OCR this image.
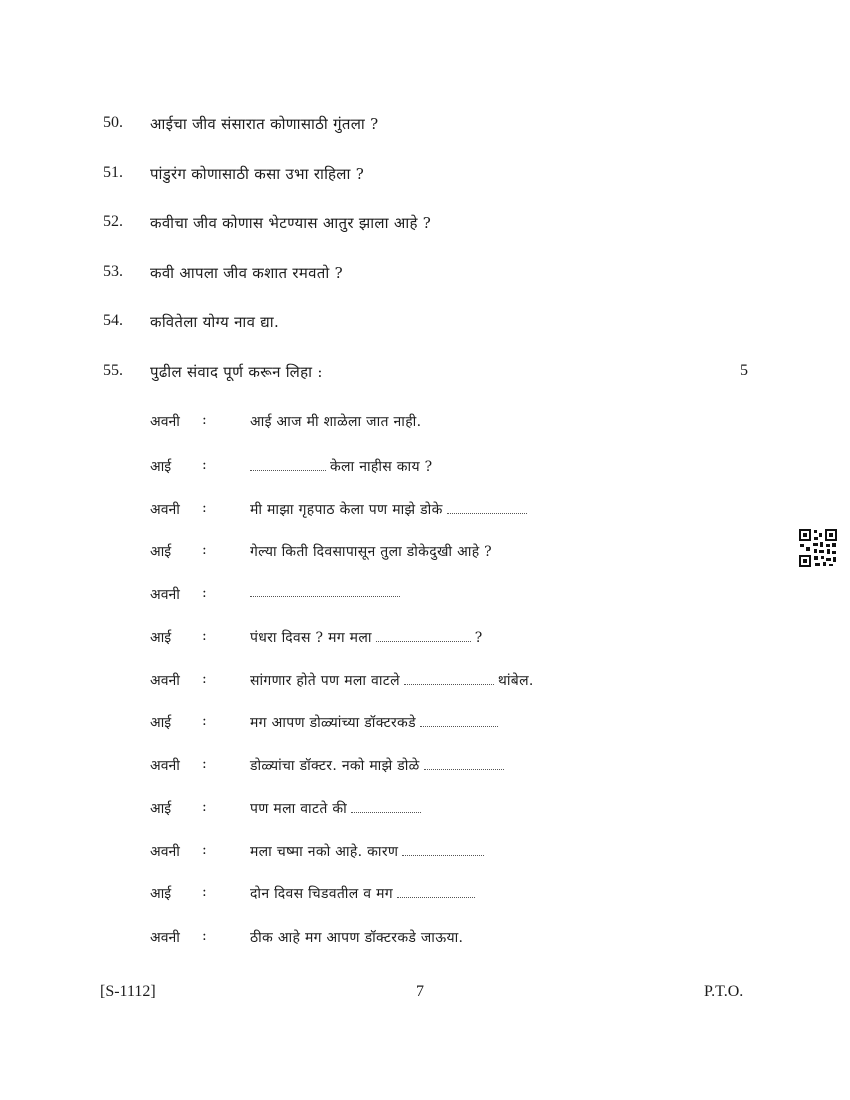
50.	आईचा जीव संसारात कोणासाठी गुंतला ?
51.	पांडुरंग कोणासाठी कसा उभा राहिला ?
52.	कवीचा जीव कोणास भेटण्यास आतुर झाला आहे ?
53.	कवी आपला जीव कशात रमवतो ?
54.	कवितेला योग्य नाव द्या.
55.	पुढील संवाद पूर्ण करून लिहा :	5
अवनी	:	आई आज मी शाळेला जात नाही.
आई	:	केला नाहीस काय ?
अवनी	:	मी माझा गृहपाठ केला पण माझे डोके
आई	:	गेल्या किती दिवसापासून तुला डोकेदुखी आहे ?
अवनी	:
आई	:	पंधरा दिवस ? मग मला	?
अवनी	:	सांगणार होते पण मला वाटले	थांबेल.
आई	:	मग आपण डोळ्यांच्या डॉक्टरकडे
अवनी	:	डोळ्यांचा डॉक्टर. नको माझे डोळे
आई	:	पण मला वाटते की
अवनी	:	मला चष्मा नको आहे. कारण
आई	:	दोन दिवस चिडवतील व मग
अवनी	:	ठीक आहे मग आपण डॉक्टरकडे जाऊया.
[S-1112]	7	P.T.O.
